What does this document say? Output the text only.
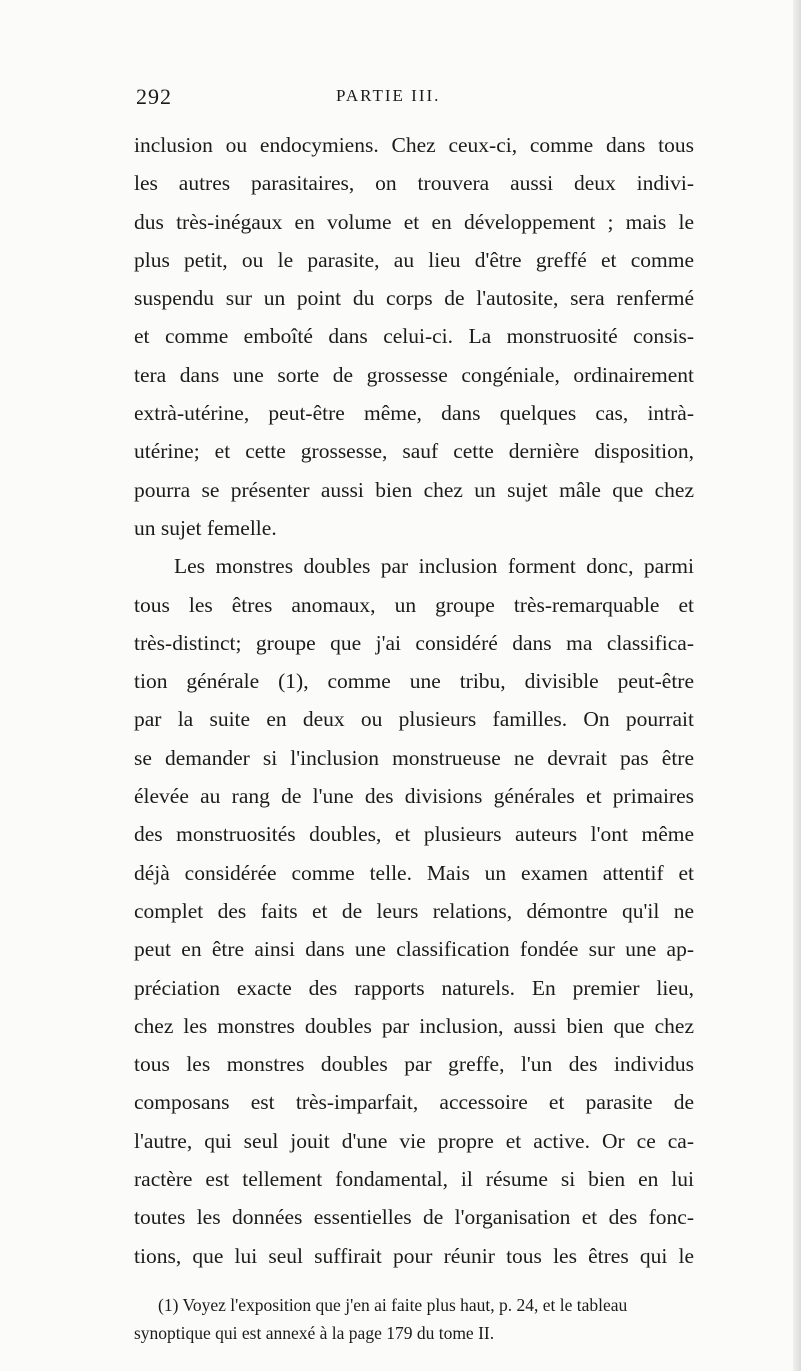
292	PARTIE III.
inclusion ou endocymiens. Chez ceux-ci, comme dans tous
les autres parasitaires, on trouvera aussi deux indivi-
dus très-inégaux en volume et en développement ; mais le
plus petit, ou le parasite, au lieu d'être greffé et comme
suspendu sur un point du corps de l'autosite, sera renfermé
et comme emboîté dans celui-ci. La monstruosité consis-
tera dans une sorte de grossesse congéniale, ordinairement
extrà-utérine, peut-être même, dans quelques cas, intrà-
utérine; et cette grossesse, sauf cette dernière disposition,
pourra se présenter aussi bien chez un sujet mâle que chez
un sujet femelle.
Les monstres doubles par inclusion forment donc, parmi
tous les êtres anomaux, un groupe très-remarquable et
très-distinct; groupe que j'ai considéré dans ma classifica-
tion générale (1), comme une tribu, divisible peut-être
par la suite en deux ou plusieurs familles. On pourrait
se demander si l'inclusion monstrueuse ne devrait pas être
élevée au rang de l'une des divisions générales et primaires
des monstruosités doubles, et plusieurs auteurs l'ont même
déjà considérée comme telle. Mais un examen attentif et
complet des faits et de leurs relations, démontre qu'il ne
peut en être ainsi dans une classification fondée sur une ap-
préciation exacte des rapports naturels. En premier lieu,
chez les monstres doubles par inclusion, aussi bien que chez
tous les monstres doubles par greffe, l'un des individus
composans est très-imparfait, accessoire et parasite de
l'autre, qui seul jouit d'une vie propre et active. Or ce ca-
ractère est tellement fondamental, il résume si bien en lui
toutes les données essentielles de l'organisation et des fonc-
tions, que lui seul suffirait pour réunir tous les êtres qui le
(1) Voyez l'exposition que j'en ai faite plus haut, p. 24, et le tableau
synoptique qui est annexé à la page 179 du tome II.
